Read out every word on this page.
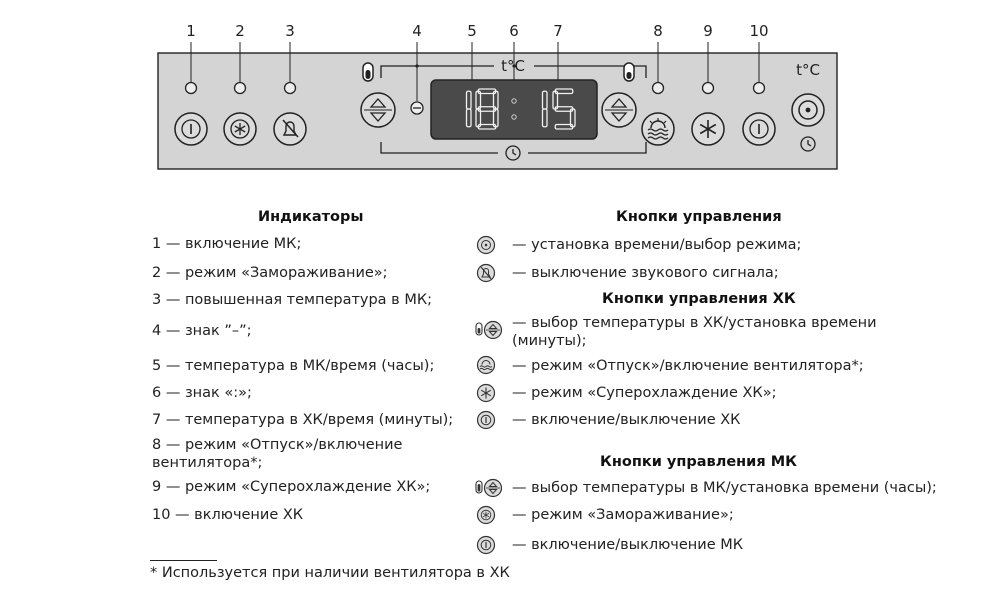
1	2	3	4	5 6 7	8	9 10
t°C	t°C
Индикаторы
1 — включение МК;
2 — режим «Замораживание»;
3 — повышенная температура в МК;
4 — знак ”–”;
5 — температура в МК/время (часы);
6 — знак «:»;
7 — температура в ХК/время (минуты);
8 — режим «Отпуск»/включение
вентилятора*;
9 — режим «Суперохлаждение ХК»;
10 — включение ХК
Кнопки управления
— установка времени/выбор режима;
— выключение звукового сигнала;
Кнопки управления ХК
— выбор температуры в ХК/установка времени
(минуты);
— режим «Отпуск»/включение вентилятора*;
— режим «Суперохлаждение ХК»;
— включение/выключение ХК
Кнопки управления МК
— выбор температуры в МК/установка времени (часы);
— режим «Замораживание»;
— включение/выключение МК
* Используется при наличии вентилятора в ХК
